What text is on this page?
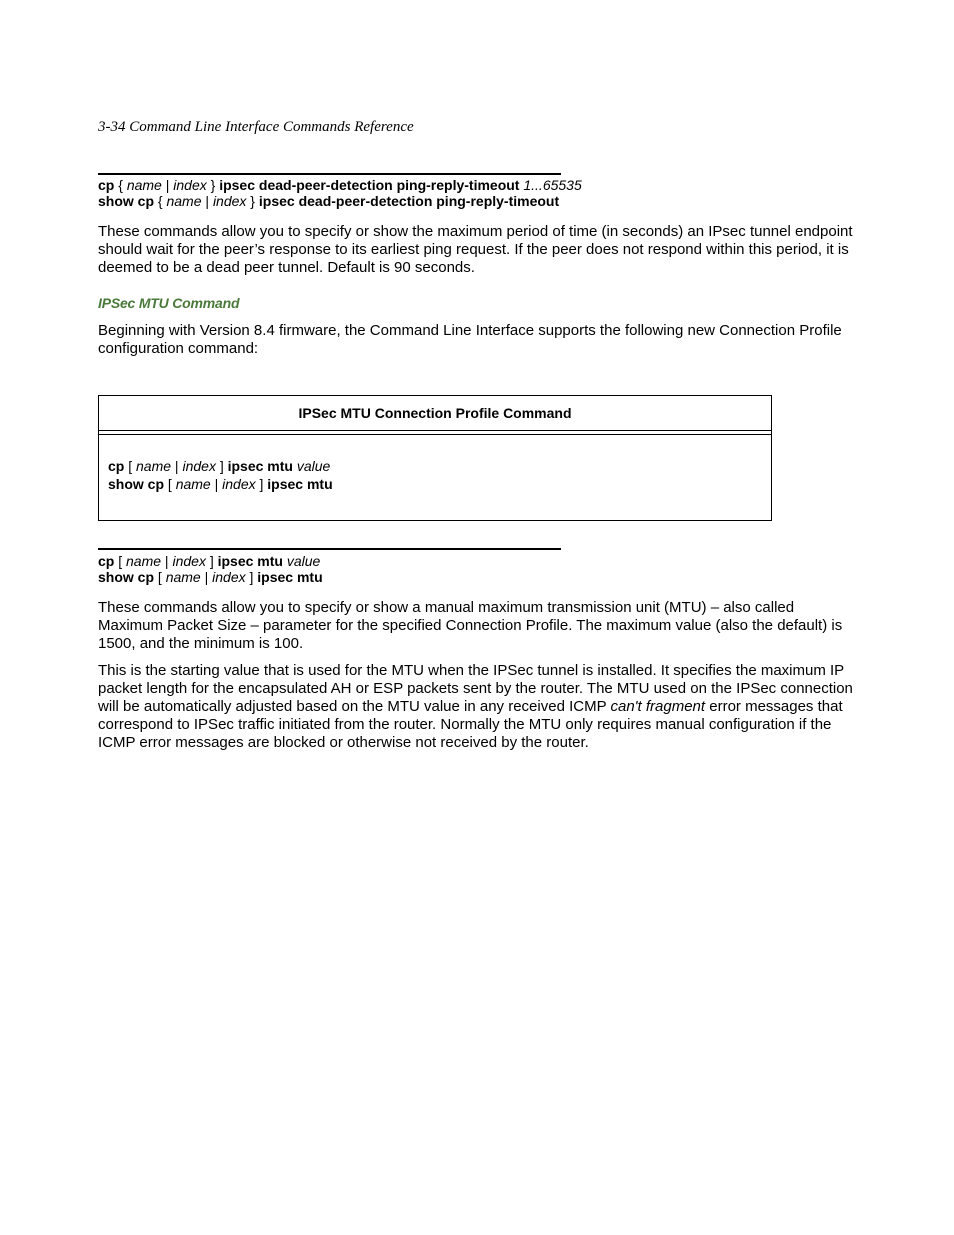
3-34 Command Line Interface Commands Reference
cp { name | index } ipsec dead-peer-detection ping-reply-timeout 1...65535
show cp { name | index } ipsec dead-peer-detection ping-reply-timeout

These commands allow you to specify or show the maximum period of time (in seconds) an IPsec tunnel endpoint should wait for the peer’s response to its earliest ping request. If the peer does not respond within this period, it is deemed to be a dead peer tunnel. Default is 90 seconds.

IPSec MTU Command

Beginning with Version 8.4 firmware, the Command Line Interface supports the following new Connection Profile configuration command:

IPSec MTU Connection Profile Command
cp [ name | index ] ipsec mtu value
show cp [ name | index ] ipsec mtu
cp [ name | index ] ipsec mtu value
show cp [ name | index ] ipsec mtu

These commands allow you to specify or show a manual maximum transmission unit (MTU) – also called Maximum Packet Size – parameter for the specified Connection Profile. The maximum value (also the default) is 1500, and the minimum is 100.

This is the starting value that is used for the MTU when the IPSec tunnel is installed. It specifies the maximum IP packet length for the encapsulated AH or ESP packets sent by the router. The MTU used on the IPSec connection will be automatically adjusted based on the MTU value in any received ICMP can't fragment error messages that correspond to IPSec traffic initiated from the router. Normally the MTU only requires manual configuration if the ICMP error messages are blocked or otherwise not received by the router.
